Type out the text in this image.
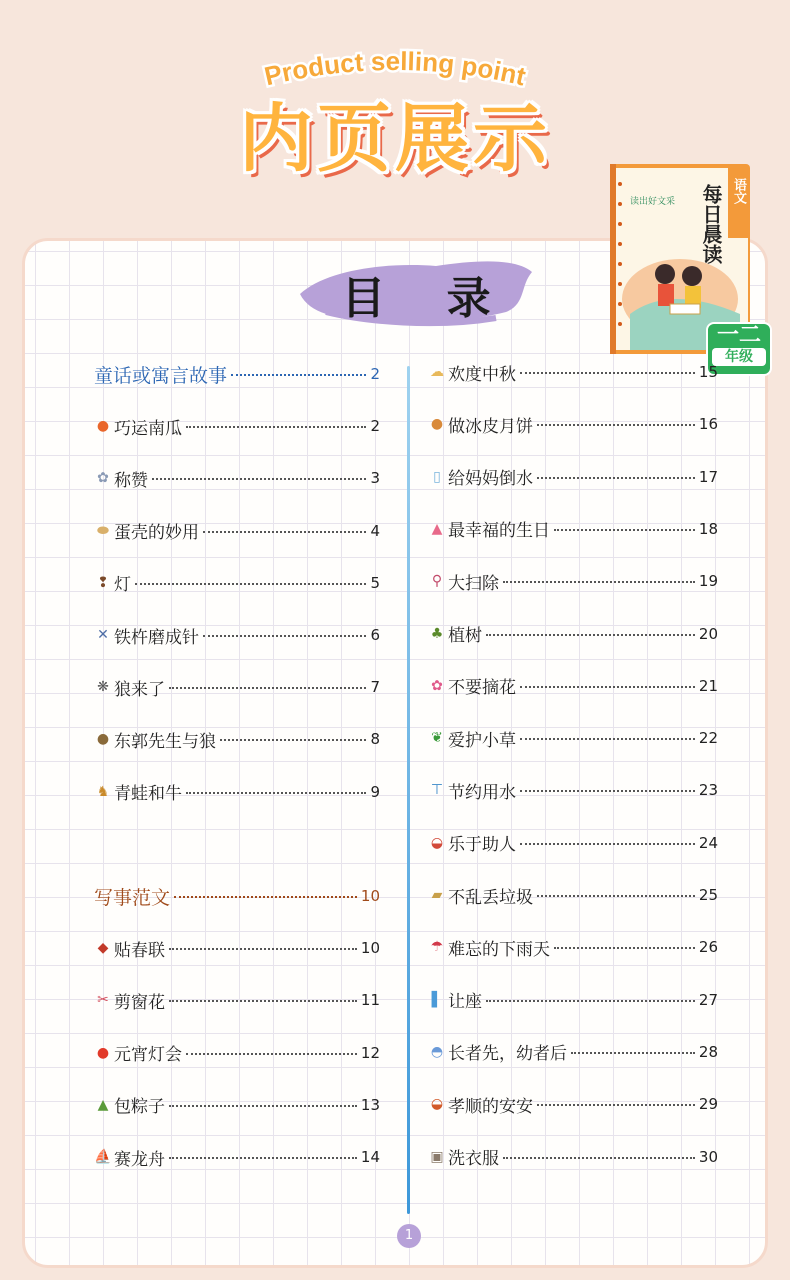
Product selling point
内页展示
目    录
读出好文采 每日晨读 语文
一二
年级
童话或寓言故事	2
● 巧运南瓜	2
✿ 称赞	3
⬬ 蛋壳的妙用	4
❢ 灯	5
✕ 铁杵磨成针	6
❋ 狼来了	7
● 东郭先生与狼	8
♞ 青蛙和牛	9
写事范文	10
◆ 贴春联	10
✂ 剪窗花	11
● 元宵灯会	12
▲ 包粽子	13
⛵ 赛龙舟	14
☁ 欢度中秋	15
● 做冰皮月饼	16
▯ 给妈妈倒水	17
▲ 最幸福的生日	18
⚲ 大扫除	19
♣ 植树	20
✿ 不要摘花	21
❦ 爱护小草	22
⊤ 节约用水	23
◒ 乐于助人	24
▰ 不乱丢垃圾	25
☂ 难忘的下雨天	26
▌ 让座	27
◓ 长者先，幼者后	28
◒ 孝顺的安安	29
▣ 洗衣服	30
1
